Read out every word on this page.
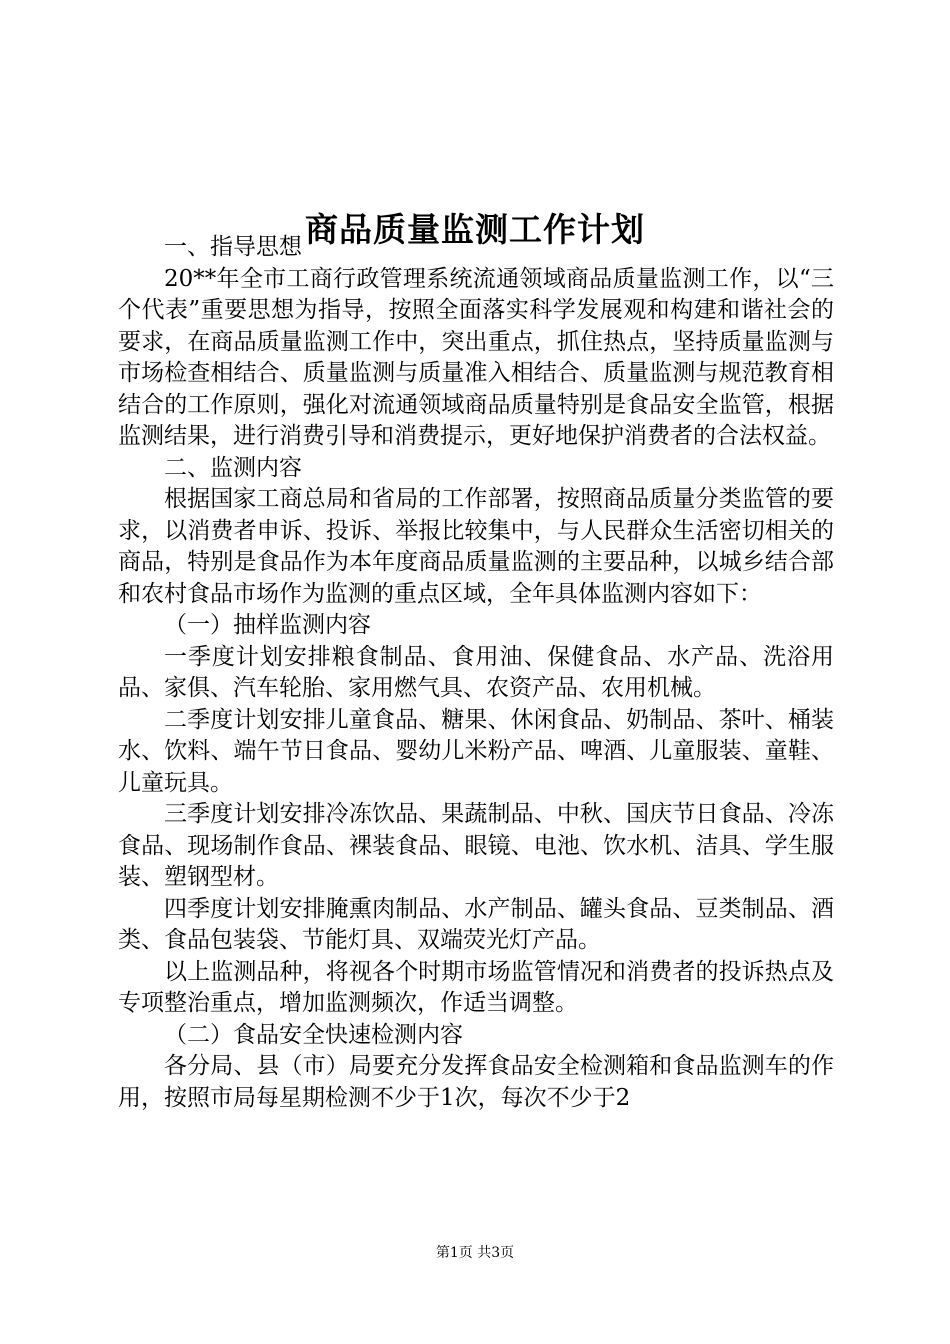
商品质量监测工作计划

一、指导思想

20**年全市工商行政管理系统流通领域商品质量监测工作，以“三个代表”重要思想为指导，按照全面落实科学发展观和构建和谐社会的要求，在商品质量监测工作中，突出重点，抓住热点，坚持质量监测与市场检查相结合、质量监测与质量准入相结合、质量监测与规范教育相结合的工作原则，强化对流通领域商品质量特别是食品安全监管，根据监测结果，进行消费引导和消费提示，更好地保护消费者的合法权益。

二、监测内容

根据国家工商总局和省局的工作部署，按照商品质量分类监管的要求，以消费者申诉、投诉、举报比较集中，与人民群众生活密切相关的商品，特别是食品作为本年度商品质量监测的主要品种，以城乡结合部和农村食品市场作为监测的重点区域，全年具体监测内容如下：

（一）抽样监测内容

一季度计划安排粮食制品、食用油、保健食品、水产品、洗浴用品、家俱、汽车轮胎、家用燃气具、农资产品、农用机械。

二季度计划安排儿童食品、糖果、休闲食品、奶制品、茶叶、桶装水、饮料、端午节日食品、婴幼儿米粉产品、啤酒、儿童服装、童鞋、儿童玩具。

三季度计划安排冷冻饮品、果蔬制品、中秋、国庆节日食品、冷冻食品、现场制作食品、裸装食品、眼镜、电池、饮水机、洁具、学生服装、塑钢型材。

四季度计划安排腌熏肉制品、水产制品、罐头食品、豆类制品、酒类、食品包装袋、节能灯具、双端荧光灯产品。

以上监测品种，将视各个时期市场监管情况和消费者的投诉热点及专项整治重点，增加监测频次，作适当调整。

（二）食品安全快速检测内容

各分局、县（市）局要充分发挥食品安全检测箱和食品监测车的作用，按照市局每星期检测不少于1次，每次不少于2

第1页 共3页
